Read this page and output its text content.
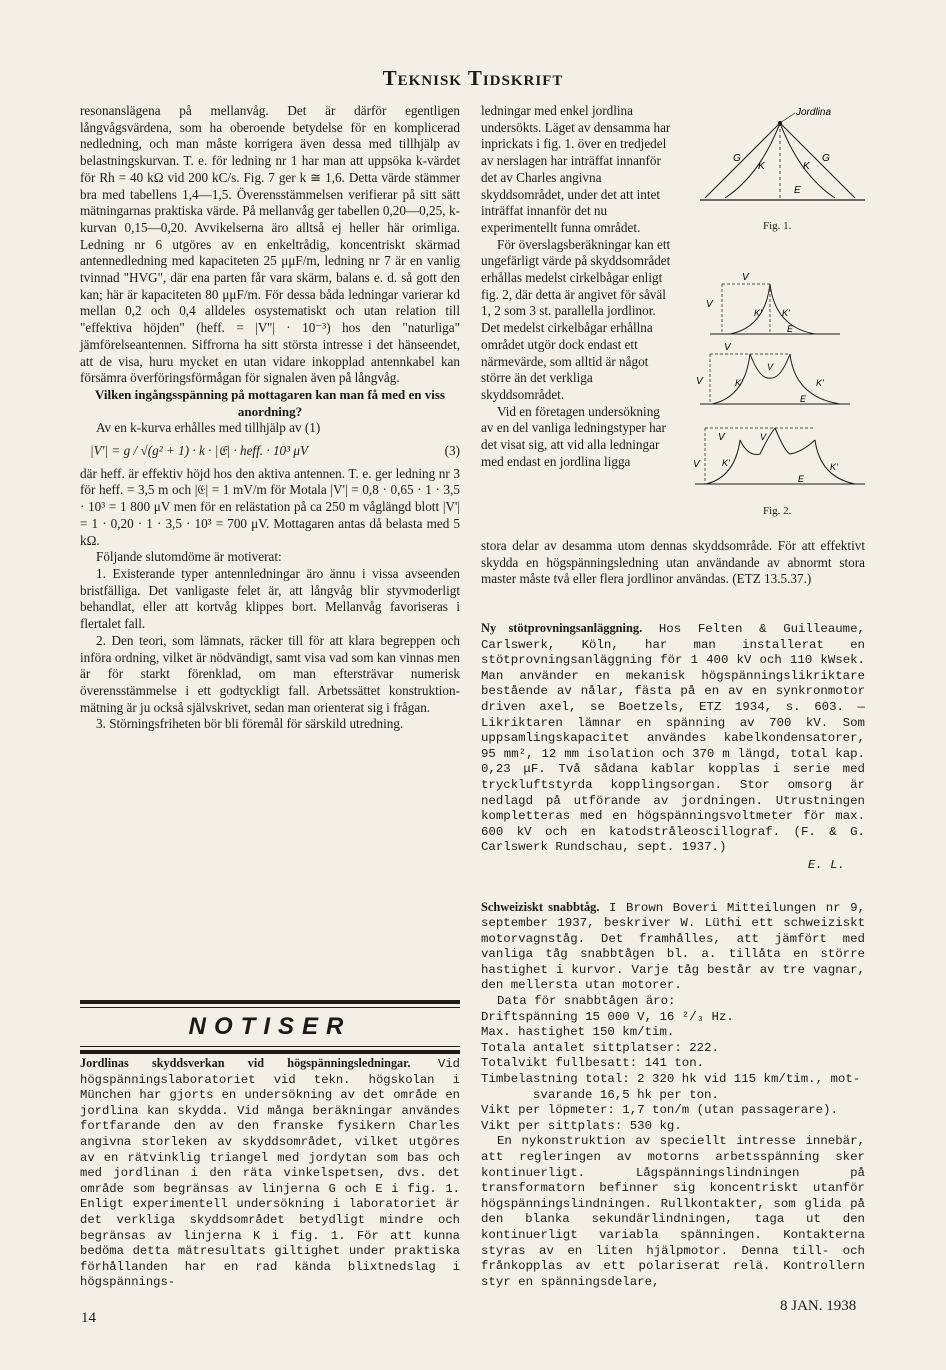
Teknisk Tidskrift

resonanslägena på mellanvåg. Det är därför egentligen långvågsvärdena, som ha oberoende betydelse för en komplicerad nedledning, och man måste korrigera även dessa med tillhjälp av belastningskurvan. T. e. för ledning nr 1 har man att uppsöka k-värdet för Rh = 40 kΩ vid 200 kC/s. Fig. 7 ger k ≅ 1,6. Detta värde stämmer bra med tabellens 1,4—1,5. Överensstämmelsen verifierar på sitt sätt mätningarnas praktiska värde. På mellanvåg ger tabellen 0,20—0,25, k-kurvan 0,15—0,20. Avvikelserna äro alltså ej heller här orimliga. Ledning nr 6 utgöres av en enkeltrådig, koncentriskt skärmad antennedledning med kapaciteten 25 μμF/m, ledning nr 7 är en vanlig tvinnad "HVG", där ena parten får vara skärm, balans e. d. så gott den kan; här är kapaciteten 80 μμF/m. För dessa båda ledningar varierar kd mellan 0,2 och 0,4 alldeles osystematiskt och utan relation till "effektiva höjden" (heff. = |V''| · 10⁻³) hos den "naturliga" jämförelseantennen. Siffrorna ha sitt största intresse i det hänseendet, att de visa, huru mycket en utan vidare inkopplad antennkabel kan försämra överföringsförmågan för signalen även på långvåg.

Vilken ingångsspänning på mottagaren kan man få med en viss anordning?

Av en k-kurva erhålles med tillhjälp av (1)

|V'| = g / √(g² + 1) · k · |𝔈| · heff. · 10³ μV	(3)

där heff. är effektiv höjd hos den aktiva antennen. T. e. ger ledning nr 3 för heff. = 3,5 m och |𝔈| = 1 mV/m för Motala |V'| = 0,8 · 0,65 · 1 · 3,5 · 10³ = 1 800 μV men för en relästation på ca 250 m våglängd blott |V'| = 1 · 0,20 · 1 · 3,5 · 10³ = 700 μV. Mottagaren antas då belasta med 5 kΩ.

Följande slutomdöme är motiverat:

1. Existerande typer antennledningar äro ännu i vissa avseenden bristfälliga. Det vanligaste felet är, att långvåg blir styvmoderligt behandlat, eller att kortvåg klippes bort. Mellanvåg favoriseras i flertalet fall.

2. Den teori, som lämnats, räcker till för att klara begreppen och införa ordning, vilket är nödvändigt, samt visa vad som kan vinnas men är för starkt förenklad, om man eftersträvar numerisk överensstämmelse i ett godtyckligt fall. Arbetssättet konstruktion-mätning är ju också självskrivet, sedan man orienterat sig i frågan.

3. Störningsfriheten bör bli föremål för särskild utredning.

NOTISER

Jordlinas skyddsverkan vid högspänningsledningar. Vid högspänningslaboratoriet vid tekn. högskolan i München har gjorts en undersökning av det område en jordlina kan skydda. Vid många beräkningar användes fortfarande den av den franske fysikern Charles angivna storleken av skyddsområdet, vilket utgöres av en rätvinklig triangel med jordytan som bas och med jordlinan i den räta vinkelspetsen, dvs. det område som begränsas av linjerna G och E i fig. 1. Enligt experimentell undersökning i laboratoriet är det verkliga skyddsområdet betydligt mindre och begränsas av linjerna K i fig. 1. För att kunna bedöma detta mätresultats giltighet under praktiska förhållanden har en rad kända blixtnedslag i högspännings-

ledningar med enkel jordlina undersökts. Läget av densamma har inprickats i fig. 1. över en tredjedel av nerslagen har inträffat innanför det av Charles angivna skyddsområdet, under det att intet inträffat innanför det nu experimentellt funna området.

För överslagsberäkningar kan ett ungefärligt värde på skyddsområdet erhållas medelst cirkelbågar enligt fig. 2, där detta är angivet för såväl 1, 2 som 3 st. parallella jordlinor. Det medelst cirkelbågar erhållna området utgör dock endast ett närmevärde, som alltid är något större än det verkliga skyddsområdet.

Vid en företagen undersökning av en del vanliga ledningstyper har det visat sig, att vid alla ledningar med endast en jordlina ligga

stora delar av desamma utom dennas skyddsområde. För att effektivt skydda en högspänningsledning utan användande av abnormt stora master måste två eller flera jordlinor användas. (ETZ 13.5.37.)

Jordlina
G	G
K	K
E
Fig. 1.
V
V
K' K'
E
V
V
V
K'	K'
E
V	V
V K'	K'
E
Fig. 2.

Ny stötprovningsanläggning. Hos Felten & Guilleaume, Carlswerk, Köln, har man installerat en stötprovningsanläggning för 1 400 kV och 110 kWsek. Man använder en mekanisk högspänningslikriktare bestående av nålar, fästa på en av en synkronmotor driven axel, se Boetzels, ETZ 1934, s. 603. — Likriktaren lämnar en spänning av 700 kV. Som uppsamlingskapacitet användes kabelkondensatorer, 95 mm², 12 mm isolation och 370 m längd, total kap. 0,23 μF. Två sådana kablar kopplas i serie med tryckluftstyrda kopplingsorgan. Stor omsorg är nedlagd på utförande av jordningen. Utrustningen kompletteras med en högspänningsvoltmeter för max. 600 kV och en katodstråleoscillograf. (F. & G. Carlswerk Rundschau, sept. 1937.)

E. L.

Schweiziskt snabbtåg. I Brown Boveri Mitteilungen nr 9, september 1937, beskriver W. Lüthi ett schweiziskt motorvagnståg. Det framhålles, att jämfört med vanliga tåg snabbtågen bl. a. tillåta en större hastighet i kurvor. Varje tåg består av tre vagnar, den mellersta utan motorer.

Data för snabbtågen äro:

Driftspänning 15 000 V, 16 ²/₃ Hz.

Max. hastighet 150 km/tim.

Totala antalet sittplatser: 222.

Totalvikt fullbesatt: 141 ton.

Timbelastning total: 2 320 hk vid 115 km/tim., mot-

svarande 16,5 hk per ton.

Vikt per löpmeter: 1,7 ton/m (utan passagerare).

Vikt per sittplats: 530 kg.

En nykonstruktion av speciellt intresse innebär, att regleringen av motorns arbetsspänning sker kontinuerligt. Lågspänningslindningen på transformatorn befinner sig koncentriskt utanför högspänningslindningen. Rullkontakter, som glida på den blanka sekundärlindningen, taga ut den kontinuerligt variabla spänningen. Kontakterna styras av en liten hjälpmotor. Denna till- och frånkopplas av ett polariserat relä. Kontrollern styr en spänningsdelare,

14
8 JAN. 1938
